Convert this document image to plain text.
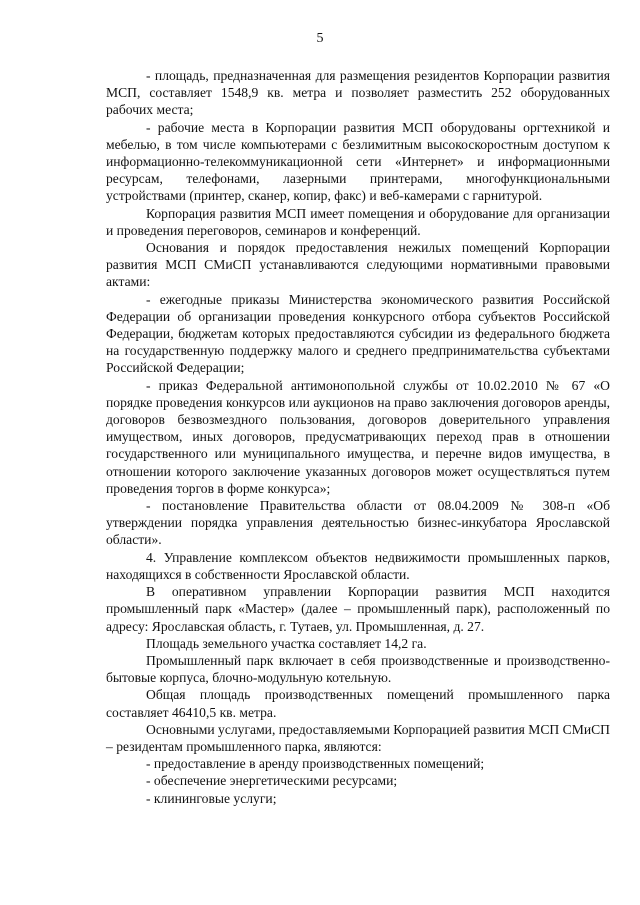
5

- площадь, предназначенная для размещения резидентов Корпорации развития МСП, составляет 1548,9 кв. метра и позволяет разместить 252 оборудованных рабочих места;

- рабочие места в Корпорации развития МСП оборудованы оргтехникой и мебелью, в том числе компьютерами с безлимитным высокоскоростным доступом к информационно-телекоммуникационной сети «Интернет» и информационными ресурсам, телефонами, лазерными принтерами, многофункциональными устройствами (принтер, сканер, копир, факс) и веб-камерами с гарнитурой.

Корпорация развития МСП имеет помещения и оборудование для организации и проведения переговоров, семинаров и конференций.

Основания и порядок предоставления нежилых помещений Корпорации развития МСП СМиСП устанавливаются следующими нормативными правовыми актами:

- ежегодные приказы Министерства экономического развития Российской Федерации об организации проведения конкурсного отбора субъектов Российской Федерации, бюджетам которых предоставляются субсидии из федерального бюджета на государственную поддержку малого и среднего предпринимательства субъектами Российской Федерации;

- приказ Федеральной антимонопольной службы от 10.02.2010 № 67 «О порядке проведения конкурсов или аукционов на право заключения договоров аренды, договоров безвозмездного пользования, договоров доверительного управления имуществом, иных договоров, предусматривающих переход прав в отношении государственного или муниципального имущества, и перечне видов имущества, в отношении которого заключение указанных договоров может осуществляться путем проведения торгов в форме конкурса»;

- постановление Правительства области от 08.04.2009 № 308-п «Об утверждении порядка управления деятельностью бизнес-инкубатора Ярославской области».

4. Управление комплексом объектов недвижимости промышленных парков, находящихся в собственности Ярославской области.

В оперативном управлении Корпорации развития МСП находится промышленный парк «Мастер» (далее – промышленный парк), расположенный по адресу: Ярославская область, г. Тутаев, ул. Промышленная, д. 27.

Площадь земельного участка составляет 14,2 га.

Промышленный парк включает в себя производственные и производственно-бытовые корпуса, блочно-модульную котельную.

Общая площадь производственных помещений промышленного парка составляет 46410,5 кв. метра.

Основными услугами, предоставляемыми Корпорацией развития МСП СМиСП – резидентам промышленного парка, являются:

- предоставление в аренду производственных помещений;

- обеспечение энергетическими ресурсами;

- клининговые услуги;
